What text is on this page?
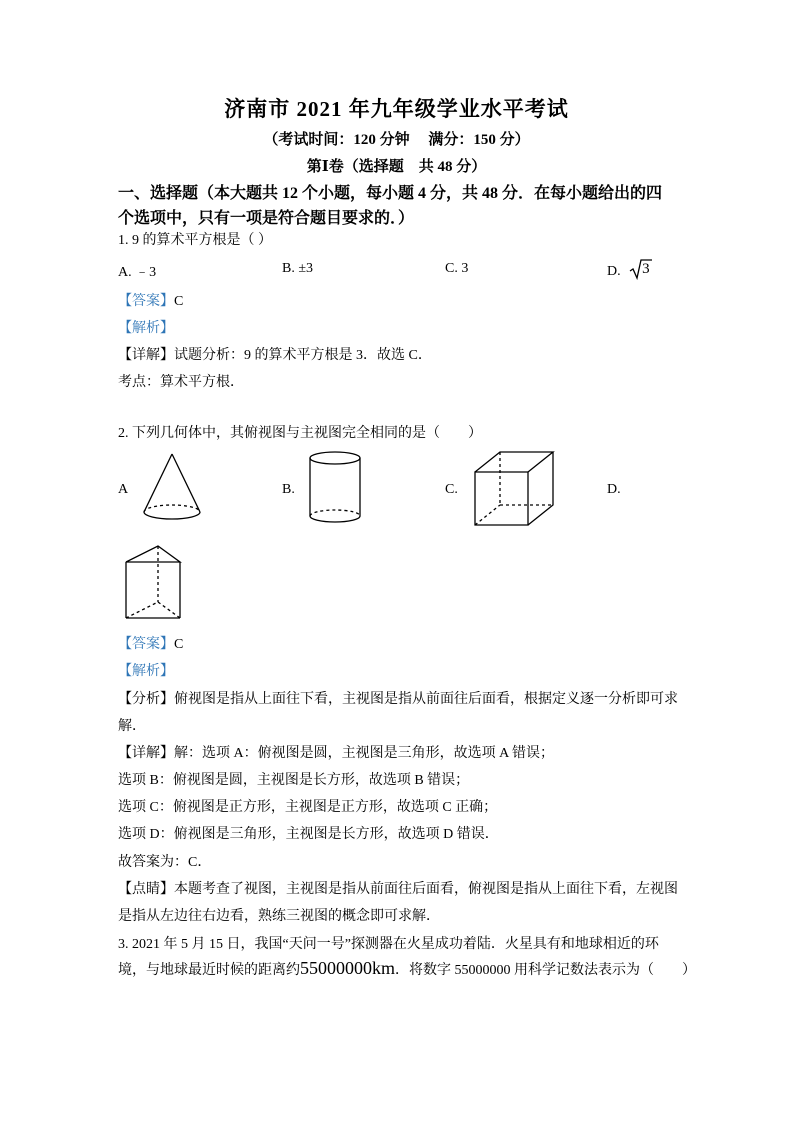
济南市 2021 年九年级学业水平考试
（考试时间：120 分钟　 满分：150 分）
第Ⅰ卷（选择题　共 48 分）
一、选择题（本大题共 12 个小题，每小题 4 分，共 48 分．在每小题给出的四
个选项中，只有一项是符合题目要求的．）
1. 9 的算术平方根是（ ）
A. ﹣3	B. ±3	C. 3	D. 3
【答案】C
【解析】
【详解】试题分析：9 的算术平方根是 3．故选 C．
考点：算术平方根．
2. 下列几何体中，其俯视图与主视图完全相同的是（　　）
A	B.	C.	D.
【答案】C
【解析】
【分析】俯视图是指从上面往下看，主视图是指从前面往后面看，根据定义逐一分析即可求
解．
【详解】解：选项 A：俯视图是圆，主视图是三角形，故选项 A 错误；
选项 B：俯视图是圆，主视图是长方形，故选项 B 错误；
选项 C：俯视图是正方形，主视图是正方形，故选项 C 正确；
选项 D：俯视图是三角形，主视图是长方形，故选项 D 错误．
故答案为：C．
【点睛】本题考查了视图，主视图是指从前面往后面看，俯视图是指从上面往下看，左视图
是指从左边往右边看，熟练三视图的概念即可求解．
3. 2021 年 5 月 15 日，我国“天问一号”探测器在火星成功着陆．火星具有和地球相近的环
境，与地球最近时候的距离约55000000km．将数字 55000000 用科学记数法表示为（　　）
